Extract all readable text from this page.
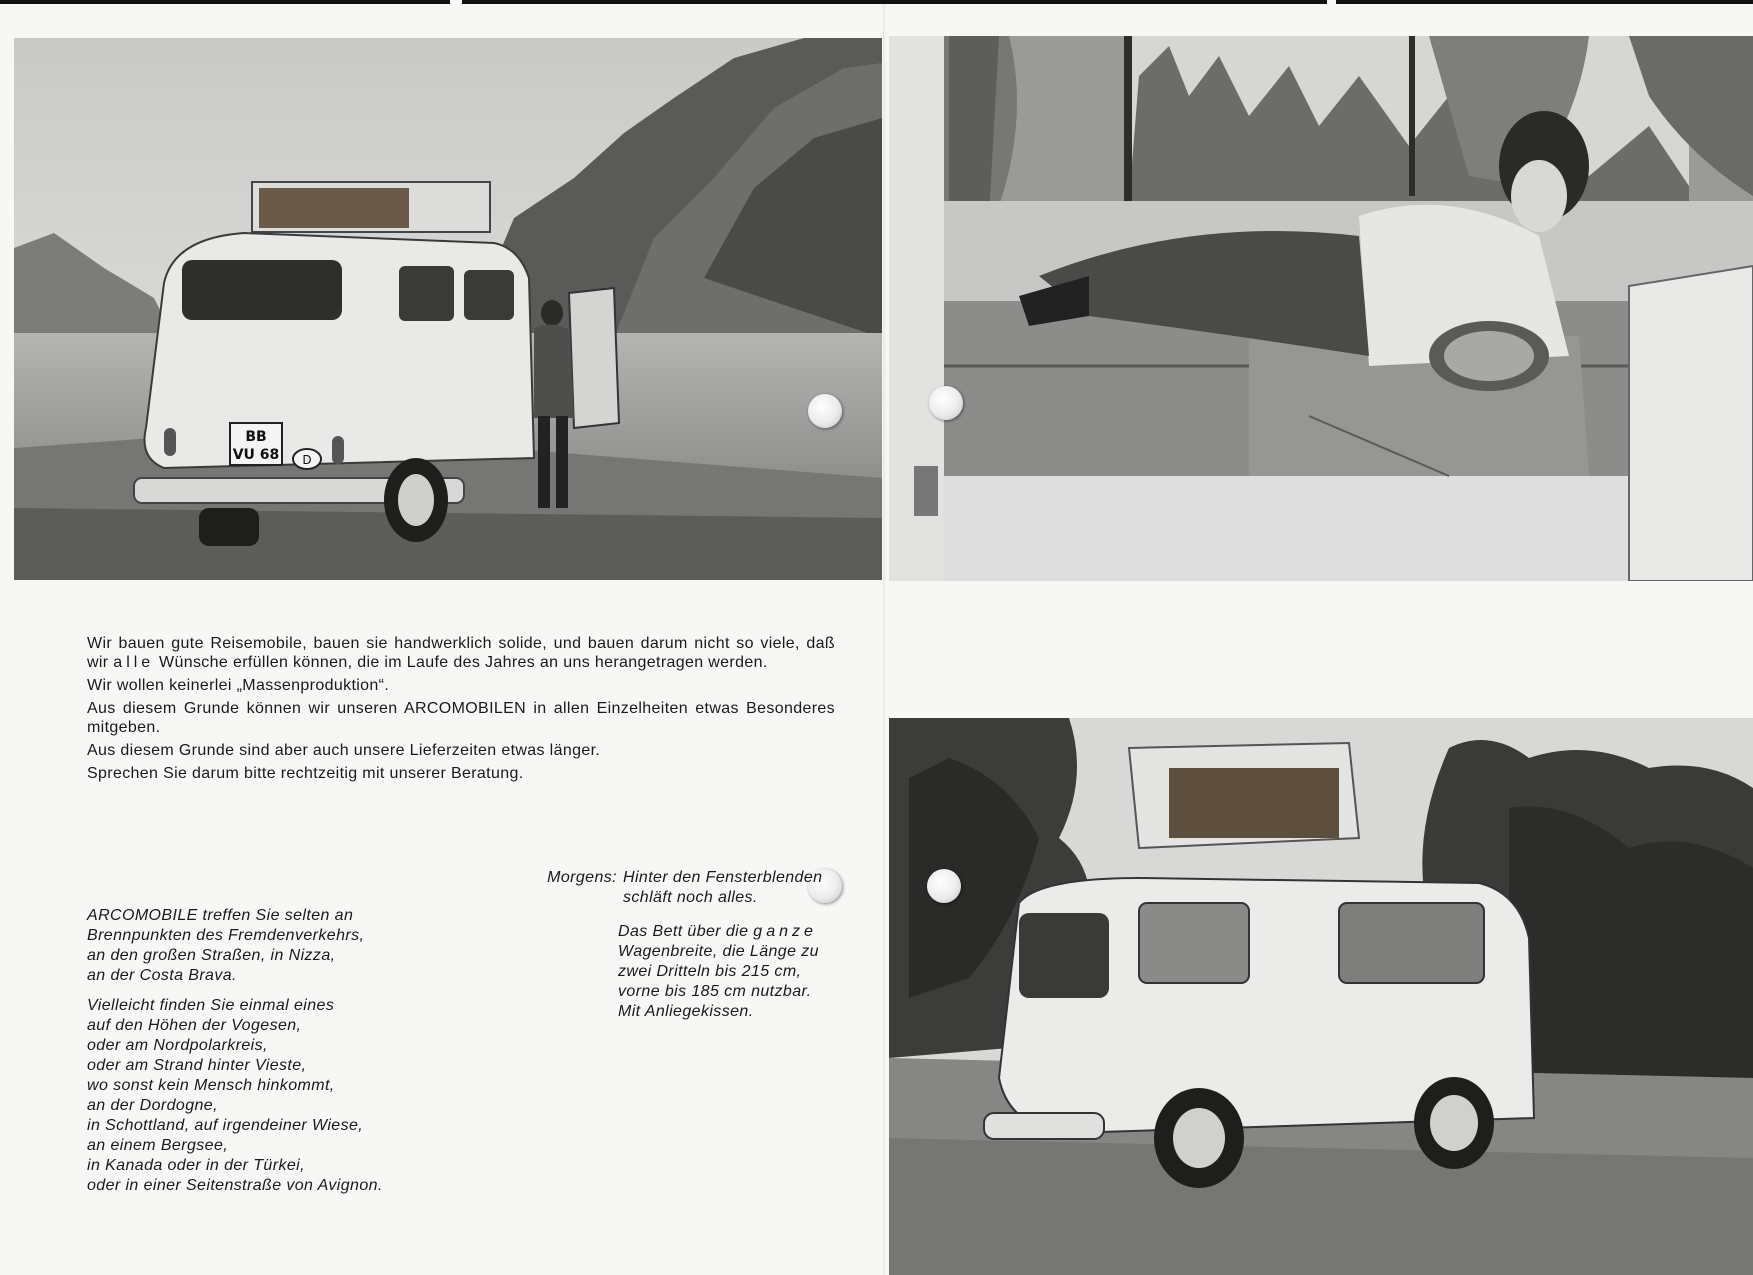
BB
VU 68 D

Wir bauen gute Reisemobile, bauen sie handwerklich solide, und bauen darum nicht so viele, daß wir alle Wünsche erfüllen können, die im Laufe des Jahres an uns herangetragen werden.

Wir wollen keinerlei „Massenproduktion“.

Aus diesem Grunde können wir unseren ARCOMOBILEN in allen Einzelheiten etwas Besonderes mitgeben.

Aus diesem Grunde sind aber auch unsere Lieferzeiten etwas länger.

Sprechen Sie darum bitte rechtzeitig mit unserer Beratung.

ARCOMOBILE treffen Sie selten an
Brennpunkten des Fremdenverkehrs,
an den großen Straßen, in Nizza,
an der Costa Brava.
Vielleicht finden Sie einmal eines
auf den Höhen der Vogesen,
oder am Nordpolarkreis,
oder am Strand hinter Vieste,
wo sonst kein Mensch hinkommt,
an der Dordogne,
in Schottland, auf irgendeiner Wiese,
an einem Bergsee,
in Kanada oder in der Türkei,
oder in einer Seitenstraße von Avignon.
Morgens: Hinter den Fensterblenden
schläft noch alles.
Das Bett über die ganze
Wagenbreite, die Länge zu
zwei Dritteln bis 215 cm,
vorne bis 185 cm nutzbar.
Mit Anliegekissen.
